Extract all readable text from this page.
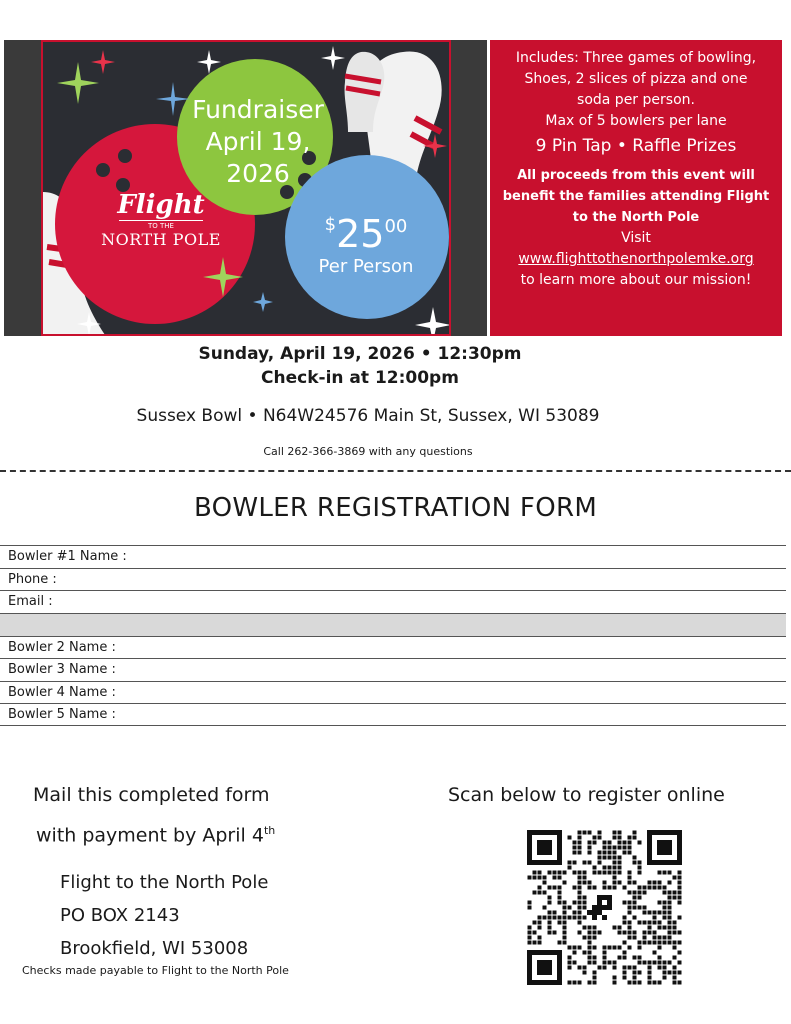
Fundraiser
April 19,
2026
$2500
Per Person
Flight
TO THE
NORTH POLE
Includes: Three games of bowling,
Shoes, 2 slices of pizza and one
soda per person.
Max of 5 bowlers per lane
9 Pin Tap • Raffle Prizes
All proceeds from this event will
benefit the families attending Flight
to the North Pole
Visit
www.flighttothenorthpolemke.org
to learn more about our mission!
Sunday, April 19, 2026 • 12:30pm
Check-in at 12:00pm
Sussex Bowl • N64W24576 Main St, Sussex, WI 53089
Call 262-366-3869 with any questions
BOWLER REGISTRATION FORM
Bowler #1 Name :
Phone :
Email :
Bowler 2 Name :
Bowler 3 Name :
Bowler 4 Name :
Bowler 5 Name :
Mail this completed form
with payment by April 4th
Flight to the North Pole
PO BOX 2143
Brookfield, WI 53008
Checks made payable to Flight to the North Pole
Scan below to register online
